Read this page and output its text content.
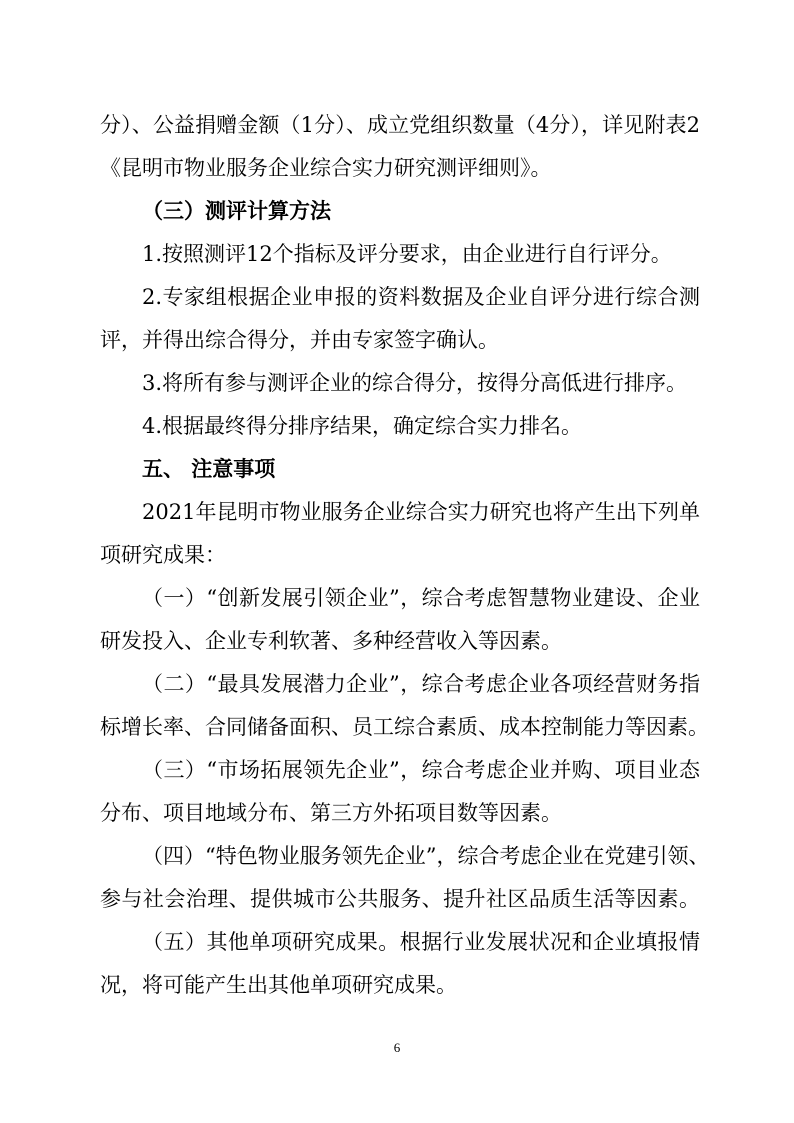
分）、公益捐赠金额（1分）、成立党组织数量（4分），详见附表2
《昆明市物业服务企业综合实力研究测评细则》。
（三）测评计算方法
1.按照测评12个指标及评分要求，由企业进行自行评分。
2.专家组根据企业申报的资料数据及企业自评分进行综合测
评，并得出综合得分，并由专家签字确认。
3.将所有参与测评企业的综合得分，按得分高低进行排序。
4.根据最终得分排序结果，确定综合实力排名。
五、 注意事项
2021年昆明市物业服务企业综合实力研究也将产生出下列单
项研究成果：
（一）“创新发展引领企业”，综合考虑智慧物业建设、企业
研发投入、企业专利软著、多种经营收入等因素。
（二）“最具发展潜力企业”，综合考虑企业各项经营财务指
标增长率、合同储备面积、员工综合素质、成本控制能力等因素。
（三）“市场拓展领先企业”，综合考虑企业并购、项目业态
分布、项目地域分布、第三方外拓项目数等因素。
（四）“特色物业服务领先企业”，综合考虑企业在党建引领、
参与社会治理、提供城市公共服务、提升社区品质生活等因素。
（五）其他单项研究成果。根据行业发展状况和企业填报情
况，将可能产生出其他单项研究成果。
6
